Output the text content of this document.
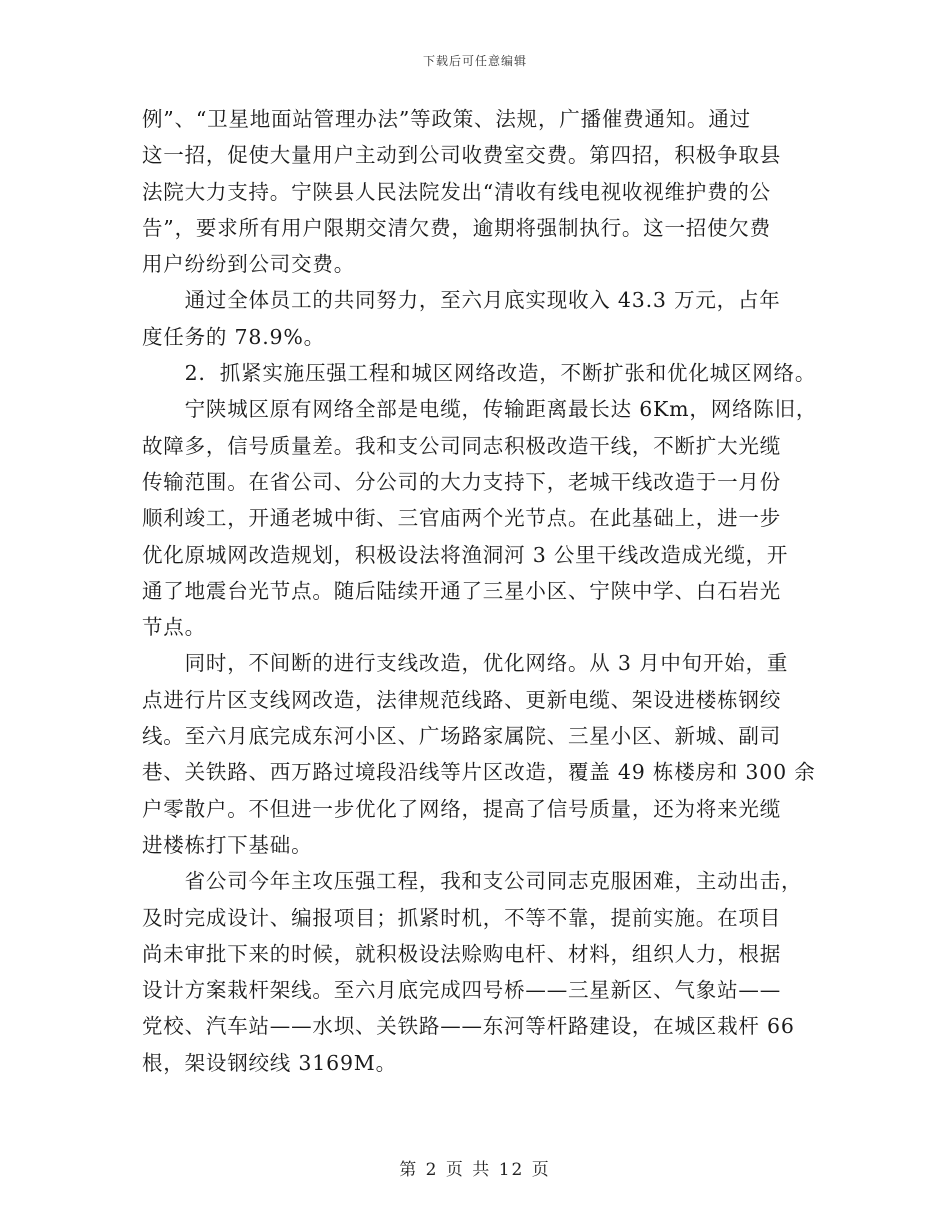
下载后可任意编辑

例”、“卫星地面站管理办法”等政策、法规，广播催费通知。通过
这一招，促使大量用户主动到公司收费室交费。第四招，积极争取县
法院大力支持。宁陕县人民法院发出“清收有线电视收视维护费的公
告”，要求所有用户限期交清欠费，逾期将强制执行。这一招使欠费
用户纷纷到公司交费。

　　通过全体员工的共同努力，至六月底实现收入 43.3 万元，占年
度任务的 78.9%。

　　2．抓紧实施压强工程和城区网络改造，不断扩张和优化城区网络。

　　宁陕城区原有网络全部是电缆，传输距离最长达 6Km，网络陈旧，
故障多，信号质量差。我和支公司同志积极改造干线，不断扩大光缆
传输范围。在省公司、分公司的大力支持下，老城干线改造于一月份
顺利竣工，开通老城中街、三官庙两个光节点。在此基础上，进一步
优化原城网改造规划，积极设法将渔洞河 3 公里干线改造成光缆，开
通了地震台光节点。随后陆续开通了三星小区、宁陕中学、白石岩光
节点。

　　同时，不间断的进行支线改造，优化网络。从 3 月中旬开始，重
点进行片区支线网改造，法律规范线路、更新电缆、架设进楼栋钢绞
线。至六月底完成东河小区、广场路家属院、三星小区、新城、副司
巷、关铁路、西万路过境段沿线等片区改造，覆盖 49 栋楼房和 300 余
户零散户。不但进一步优化了网络，提高了信号质量，还为将来光缆
进楼栋打下基础。

　　省公司今年主攻压强工程，我和支公司同志克服困难，主动出击，
及时完成设计、编报项目；抓紧时机，不等不靠，提前实施。在项目
尚未审批下来的时候，就积极设法赊购电杆、材料，组织人力，根据
设计方案栽杆架线。至六月底完成四号桥——三星新区、气象站——
党校、汽车站——水坝、关铁路——东河等杆路建设，在城区栽杆 66
根，架设钢绞线 3169M。

第 2 页 共 12 页
